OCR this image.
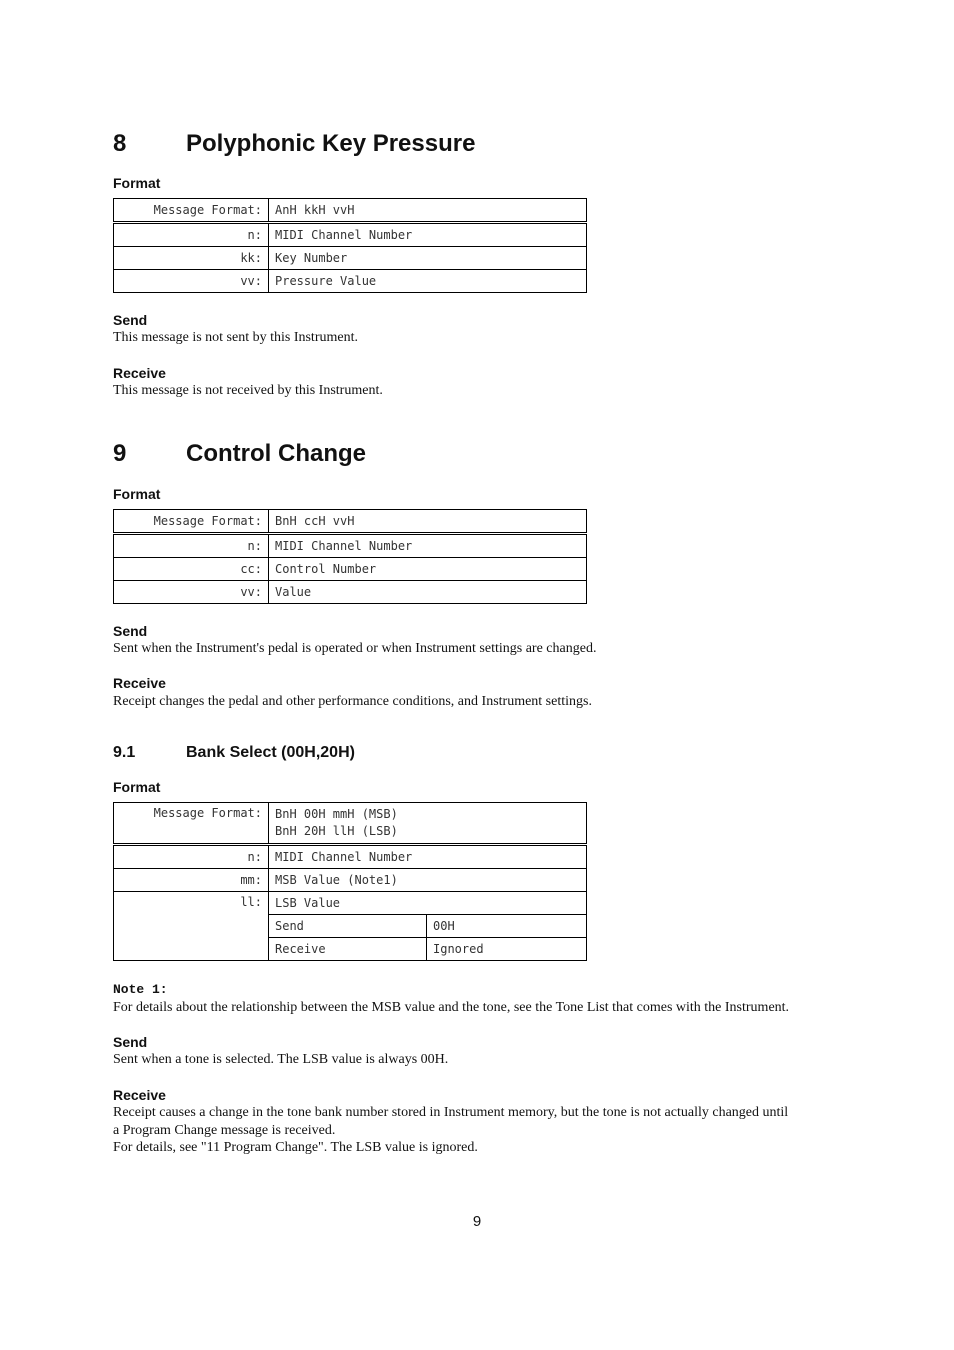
8 Polyphonic Key Pressure
Format
Message Format:	AnH kkH vvH
n:	MIDI Channel Number
kk:	Key Number
vv:	Pressure Value
Send
This message is not sent by this Instrument.
Receive
This message is not received by this Instrument.
9 Control Change
Format
Message Format:	BnH ccH vvH
n:	MIDI Channel Number
cc:	Control Number
vv:	Value
Send
Sent when the Instrument's pedal is operated or when Instrument settings are changed.
Receive
Receipt changes the pedal and other performance conditions, and Instrument settings.
9.1	Bank Select (00H,20H)
Format
Message Format:	BnH 00H mmH (MSB)
BnH 20H llH (LSB)	

n:	MIDI Channel Number	
mm:	MSB Value (Note1)	
ll:	LSB Value	
	Send	00H
	Receive	Ignored
Note 1:
For details about the relationship between the MSB value and the tone, see the Tone List that comes with the Instrument.
Send
Sent when a tone is selected. The LSB value is always 00H.
Receive
Receipt causes a change in the tone bank number stored in Instrument memory, but the tone is not actually changed until
a Program Change message is received.
For details, see "11 Program Change". The LSB value is ignored.
9
